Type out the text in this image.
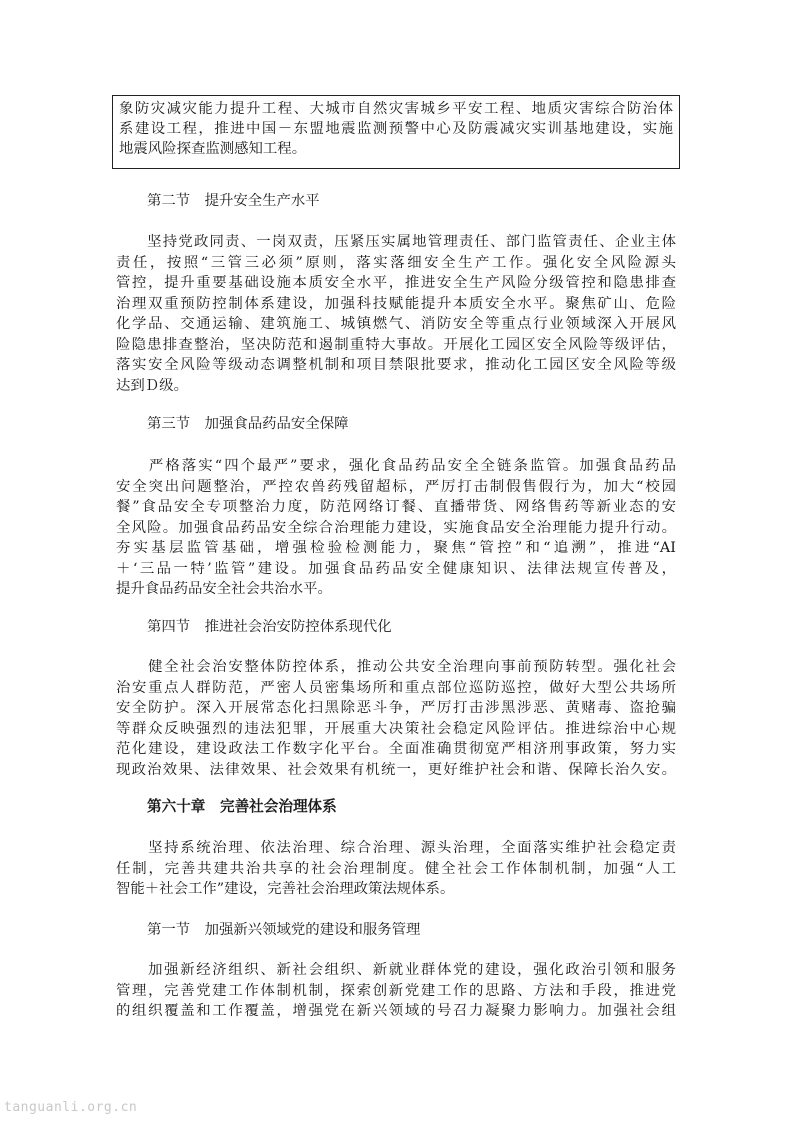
象防灾减灾能力提升工程、大城市自然灾害城乡平安工程、地质灾害综合防治体
系建设工程，推进中国－东盟地震监测预警中心及防震减灾实训基地建设，实施
地震风险探查监测感知工程。
第二节　提升安全生产水平
　　坚持党政同责、一岗双责，压紧压实属地管理责任、部门监管责任、企业主体
责任，按照“三管三必须”原则，落实落细安全生产工作。强化安全风险源头
管控，提升重要基础设施本质安全水平，推进安全生产风险分级管控和隐患排查
治理双重预防控制体系建设，加强科技赋能提升本质安全水平。聚焦矿山、危险
化学品、交通运输、建筑施工、城镇燃气、消防安全等重点行业领域深入开展风
险隐患排查整治，坚决防范和遏制重特大事故。开展化工园区安全风险等级评估，
落实安全风险等级动态调整机制和项目禁限批要求，推动化工园区安全风险等级
达到Ｄ级。
第三节　加强食品药品安全保障
　　严格落实“四个最严”要求，强化食品药品安全全链条监管。加强食品药品
安全突出问题整治，严控农兽药残留超标，严厉打击制假售假行为，加大“校园
餐”食品安全专项整治力度，防范网络订餐、直播带货、网络售药等新业态的安
全风险。加强食品药品安全综合治理能力建设，实施食品安全治理能力提升行动。
夯实基层监管基础，增强检验检测能力，聚焦“管控”和“追溯”，推进“AI
＋‘三品一特’监管”建设。加强食品药品安全健康知识、法律法规宣传普及，
提升食品药品安全社会共治水平。
第四节　推进社会治安防控体系现代化
　　健全社会治安整体防控体系，推动公共安全治理向事前预防转型。强化社会
治安重点人群防范，严密人员密集场所和重点部位巡防巡控，做好大型公共场所
安全防护。深入开展常态化扫黑除恶斗争，严厉打击涉黑涉恶、黄赌毒、盗抢骗
等群众反映强烈的违法犯罪，开展重大决策社会稳定风险评估。推进综治中心规
范化建设，建设政法工作数字化平台。全面准确贯彻宽严相济刑事政策，努力实
现政治效果、法律效果、社会效果有机统一，更好维护社会和谐、保障长治久安。
第六十章　完善社会治理体系
　　坚持系统治理、依法治理、综合治理、源头治理，全面落实维护社会稳定责
任制，完善共建共治共享的社会治理制度。健全社会工作体制机制，加强“人工
智能＋社会工作”建设，完善社会治理政策法规体系。
第一节　加强新兴领域党的建设和服务管理
　　加强新经济组织、新社会组织、新就业群体党的建设，强化政治引领和服务
管理，完善党建工作体制机制，探索创新党建工作的思路、方法和手段，推进党
的组织覆盖和工作覆盖，增强党在新兴领域的号召力凝聚力影响力。加强社会组
tanguanli.org.cn
